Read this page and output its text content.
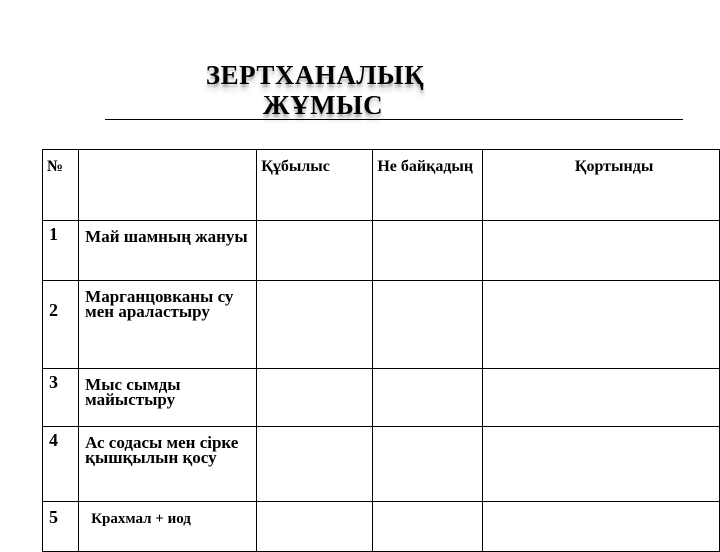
ЗЕРТХАНАЛЫҚ
ЖҰМЫС
№		Құбылыс	Не байқадың	Қортынды
1	Май шамның жануы			
2	Марганцовканы су мен араластыру			
3	Мыс сымды майыстыру			
4	Ас содасы мен сірке қышқылын қосу			
5	Крахмал + иод			
